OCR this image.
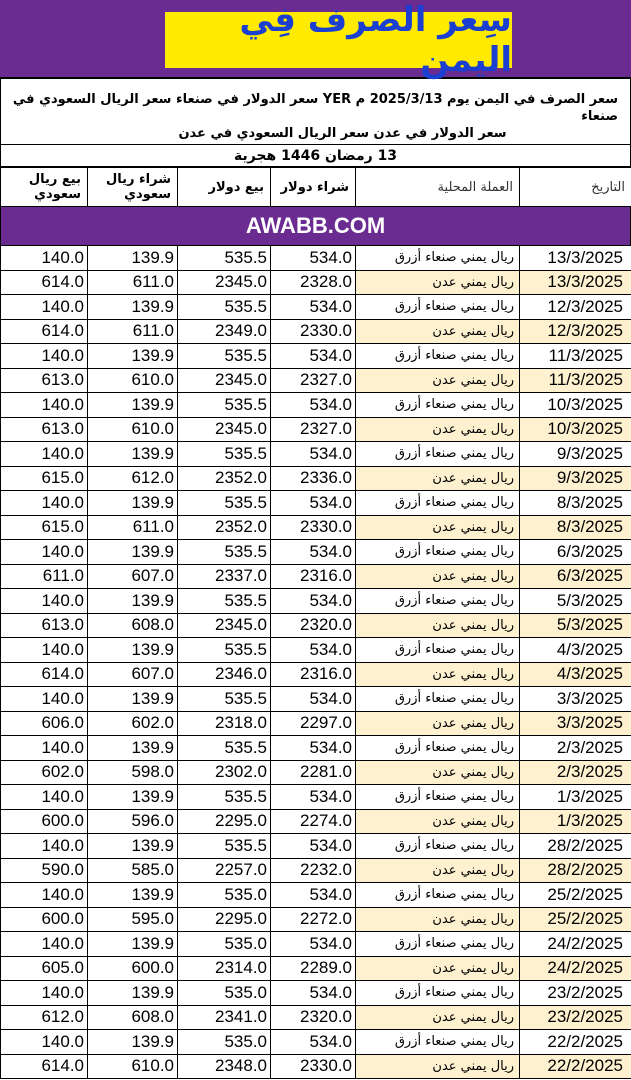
سِعر الصرف فِي اليمن
سعر الصرف في اليمن يوم 2025/3/13 م YER سعر الدولار في صنعاء سعر الريال السعودي في صنعاء
سعر الدولار في عدن سعر الريال السعودي في عدن
13 رمضان 1446 هجرية
بيع ريال سعودي	شراء ريال سعودي	بيع دولار	شراء دولار	العملة المحلية	التاريخ
AWABB.COM
140.0	139.9	535.5	534.0	ريال يمني صنعاء أزرق	13/3/2025
614.0	611.0	2345.0	2328.0	ريال يمني عدن	13/3/2025
140.0	139.9	535.5	534.0	ريال يمني صنعاء أزرق	12/3/2025
614.0	611.0	2349.0	2330.0	ريال يمني عدن	12/3/2025
140.0	139.9	535.5	534.0	ريال يمني صنعاء أزرق	11/3/2025
613.0	610.0	2345.0	2327.0	ريال يمني عدن	11/3/2025
140.0	139.9	535.5	534.0	ريال يمني صنعاء أزرق	10/3/2025
613.0	610.0	2345.0	2327.0	ريال يمني عدن	10/3/2025
140.0	139.9	535.5	534.0	ريال يمني صنعاء أزرق	9/3/2025
615.0	612.0	2352.0	2336.0	ريال يمني عدن	9/3/2025
140.0	139.9	535.5	534.0	ريال يمني صنعاء أزرق	8/3/2025
615.0	611.0	2352.0	2330.0	ريال يمني عدن	8/3/2025
140.0	139.9	535.5	534.0	ريال يمني صنعاء أزرق	6/3/2025
611.0	607.0	2337.0	2316.0	ريال يمني عدن	6/3/2025
140.0	139.9	535.5	534.0	ريال يمني صنعاء أزرق	5/3/2025
613.0	608.0	2345.0	2320.0	ريال يمني عدن	5/3/2025
140.0	139.9	535.5	534.0	ريال يمني صنعاء أزرق	4/3/2025
614.0	607.0	2346.0	2316.0	ريال يمني عدن	4/3/2025
140.0	139.9	535.5	534.0	ريال يمني صنعاء أزرق	3/3/2025
606.0	602.0	2318.0	2297.0	ريال يمني عدن	3/3/2025
140.0	139.9	535.5	534.0	ريال يمني صنعاء أزرق	2/3/2025
602.0	598.0	2302.0	2281.0	ريال يمني عدن	2/3/2025
140.0	139.9	535.5	534.0	ريال يمني صنعاء أزرق	1/3/2025
600.0	596.0	2295.0	2274.0	ريال يمني عدن	1/3/2025
140.0	139.9	535.5	534.0	ريال يمني صنعاء أزرق	28/2/2025
590.0	585.0	2257.0	2232.0	ريال يمني عدن	28/2/2025
140.0	139.9	535.0	534.0	ريال يمني صنعاء أزرق	25/2/2025
600.0	595.0	2295.0	2272.0	ريال يمني عدن	25/2/2025
140.0	139.9	535.0	534.0	ريال يمني صنعاء أزرق	24/2/2025
605.0	600.0	2314.0	2289.0	ريال يمني عدن	24/2/2025
140.0	139.9	535.0	534.0	ريال يمني صنعاء أزرق	23/2/2025
612.0	608.0	2341.0	2320.0	ريال يمني عدن	23/2/2025
140.0	139.9	535.0	534.0	ريال يمني صنعاء أزرق	22/2/2025
614.0	610.0	2348.0	2330.0	ريال يمني عدن	22/2/2025
